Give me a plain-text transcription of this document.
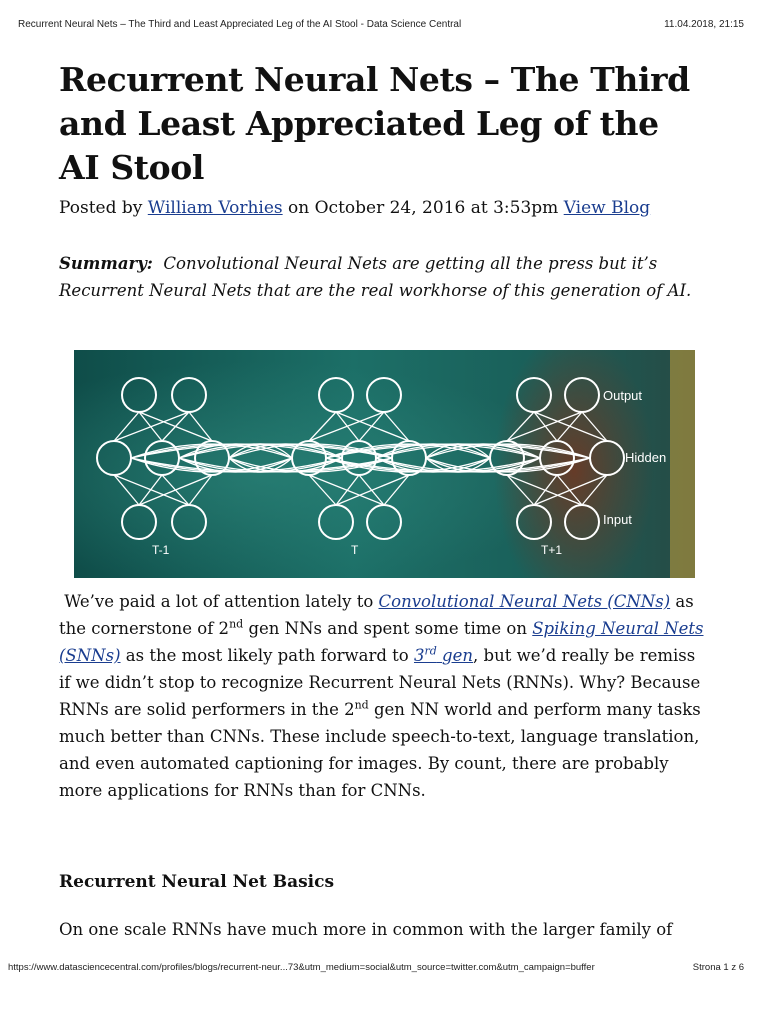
Recurrent Neural Nets – The Third and Least Appreciated Leg of the AI Stool - Data Science Central	11.04.2018, 21:15
Recurrent Neural Nets – The Third and Least Appreciated Leg of the AI Stool
Posted by William Vorhies on October 24, 2016 at 3:53pm View Blog
Summary: Convolutional Neural Nets are getting all the press but it’s Recurrent Neural Nets that are the real workhorse of this generation of AI.
Output
Hidden
Input
T-1	T	T+1
We’ve paid a lot of attention lately to Convolutional Neural Nets (CNNs) as the cornerstone of 2nd gen NNs and spent some time on Spiking Neural Nets (SNNs) as the most likely path forward to 3rd gen, but we’d really be remiss if we didn’t stop to recognize Recurrent Neural Nets (RNNs). Why? Because RNNs are solid performers in the 2nd gen NN world and perform many tasks much better than CNNs. These include speech-to-text, language translation, and even automated captioning for images. By count, there are probably more applications for RNNs than for CNNs.
Recurrent Neural Net Basics
On one scale RNNs have much more in common with the larger family of
https://www.datasciencecentral.com/profiles/blogs/recurrent-neur...73&utm_medium=social&utm_source=twitter.com&utm_campaign=buffer	Strona 1 z 6
